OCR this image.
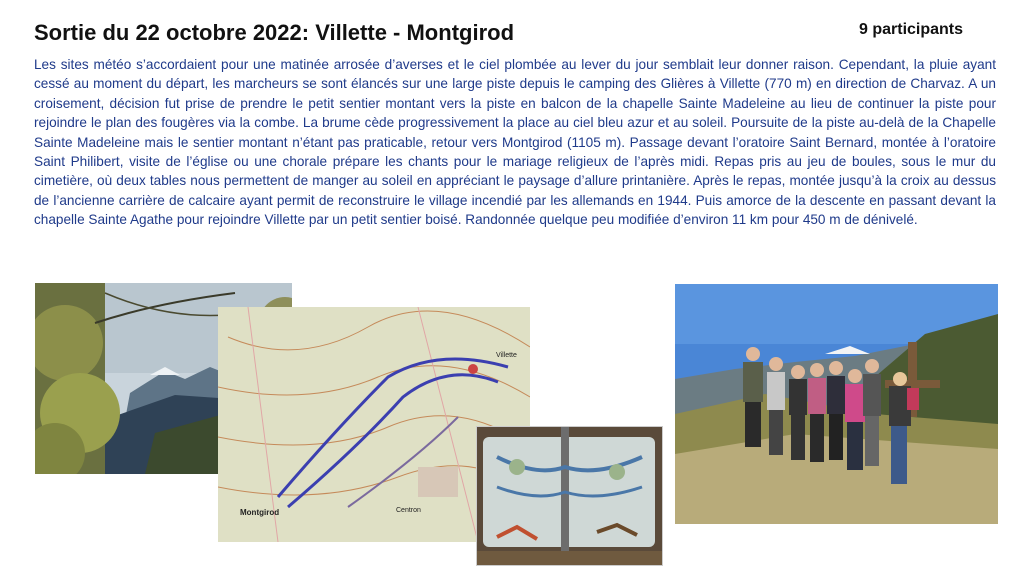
Sortie du 22 octobre 2022: Villette - Montgirod	9 participants

Les sites météo s’accordaient pour une matinée arrosée d’averses et le ciel plombée au lever du jour semblait leur donner raison. Cependant, la pluie ayant cessé au moment du départ, les marcheurs se sont élancés sur une large piste depuis le camping des Glières à Villette (770 m) en direction de Charvaz. A un croisement, décision fut prise de prendre le petit sentier montant vers la piste en balcon de la chapelle Sainte Madeleine au lieu de continuer la piste pour rejoindre le plan des fougères via la combe. La brume cède progressivement la place au ciel bleu azur et au soleil. Poursuite de la piste au-delà de la Chapelle Sainte Madeleine mais le sentier montant n’étant pas praticable, retour vers Montgirod (1105 m). Passage devant l’oratoire Saint Bernard, montée à l’oratoire Saint Philibert, visite de l’église ou une chorale prépare les chants pour le mariage religieux de l’après midi. Repas pris au jeu de boules, sous le mur du cimetière, où deux tables nous permettent de manger au soleil en appréciant le paysage d’allure printanière. Après le repas, montée jusqu’à la croix au dessus de l’ancienne carrière de calcaire ayant permit de reconstruire le village incendié par les allemands en 1944. Puis amorce de la descente en passant devant la chapelle Sainte Agathe pour rejoindre Villette par un petit sentier boisé. Randonnée quelque peu modifiée d’environ 11 km pour 450 m de dénivelé.

Villette
Montgirod	Centron
